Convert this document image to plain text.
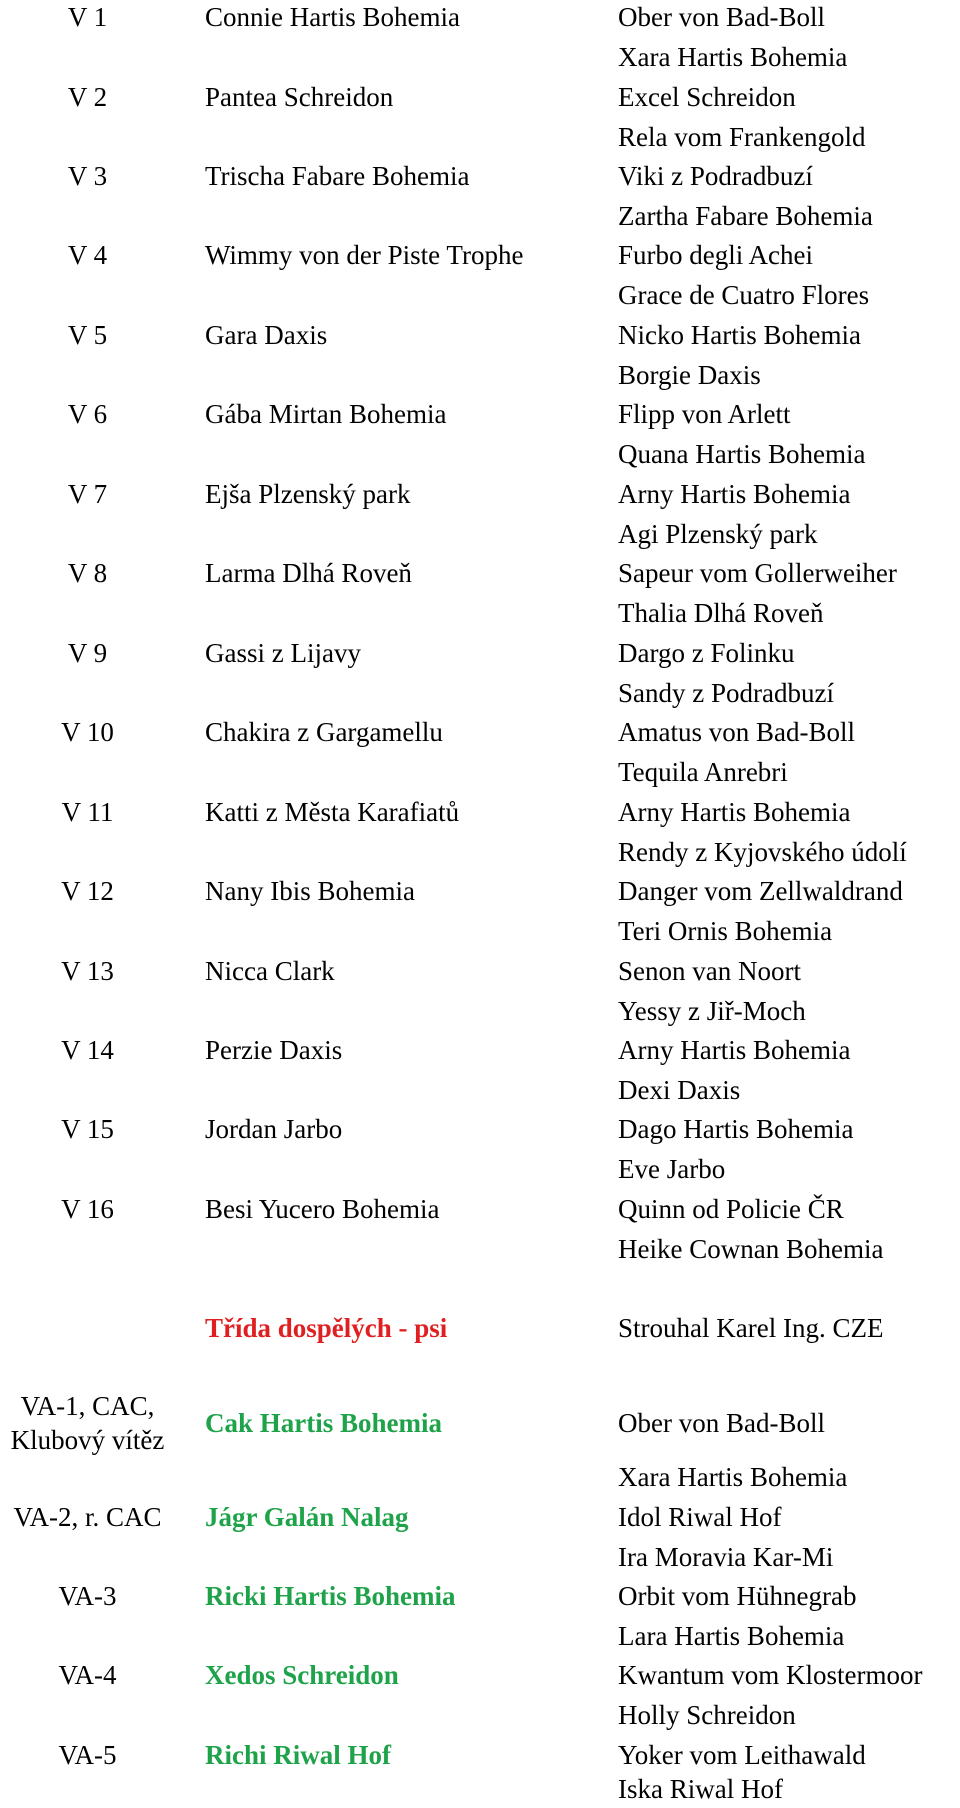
V 1	Connie Hartis Bohemia	Ober von Bad-Boll
Xara Hartis Bohemia
V 2	Pantea Schreidon	Excel Schreidon
Rela vom Frankengold
V 3	Trischa Fabare Bohemia	Viki z Podradbuzí
Zartha Fabare Bohemia
V 4	Wimmy von der Piste Trophe	Furbo degli Achei
Grace de Cuatro Flores
V 5	Gara Daxis	Nicko Hartis Bohemia
Borgie Daxis
V 6	Gába Mirtan Bohemia	Flipp von Arlett
Quana Hartis Bohemia
V 7	Ejša Plzenský park	Arny Hartis Bohemia
Agi Plzenský park
V 8	Larma Dlhá Roveň	Sapeur vom Gollerweiher
Thalia Dlhá Roveň
V 9	Gassi z Lijavy	Dargo z Folinku
Sandy z Podradbuzí
V 10	Chakira z Gargamellu	Amatus von Bad-Boll
Tequila Anrebri
V 11	Katti z Města Karafiatů	Arny Hartis Bohemia
Rendy z Kyjovského údolí
V 12	Nany Ibis Bohemia	Danger vom Zellwaldrand
Teri Ornis Bohemia
V 13	Nicca Clark	Senon van Noort
Yessy z Jiř-Moch
V 14	Perzie Daxis	Arny Hartis Bohemia
Dexi Daxis
V 15	Jordan Jarbo	Dago Hartis Bohemia
Eve Jarbo
V 16	Besi Yucero Bohemia	Quinn od Policie ČR
Heike Cownan Bohemia
Třída dospělých - psi	Strouhal Karel Ing. CZE
VA-1, CAC,
Klubový vítěz
Cak Hartis Bohemia	Ober von Bad-Boll
Xara Hartis Bohemia
VA-2, r. CAC	Jágr Galán Nalag	Idol Riwal Hof
Ira Moravia Kar-Mi
VA-3	Ricki Hartis Bohemia	Orbit vom Hühnegrab
Lara Hartis Bohemia
VA-4	Xedos Schreidon	Kwantum vom Klostermoor
Holly Schreidon
VA-5	Richi Riwal Hof	Yoker vom Leithawald
Iska Riwal Hof
